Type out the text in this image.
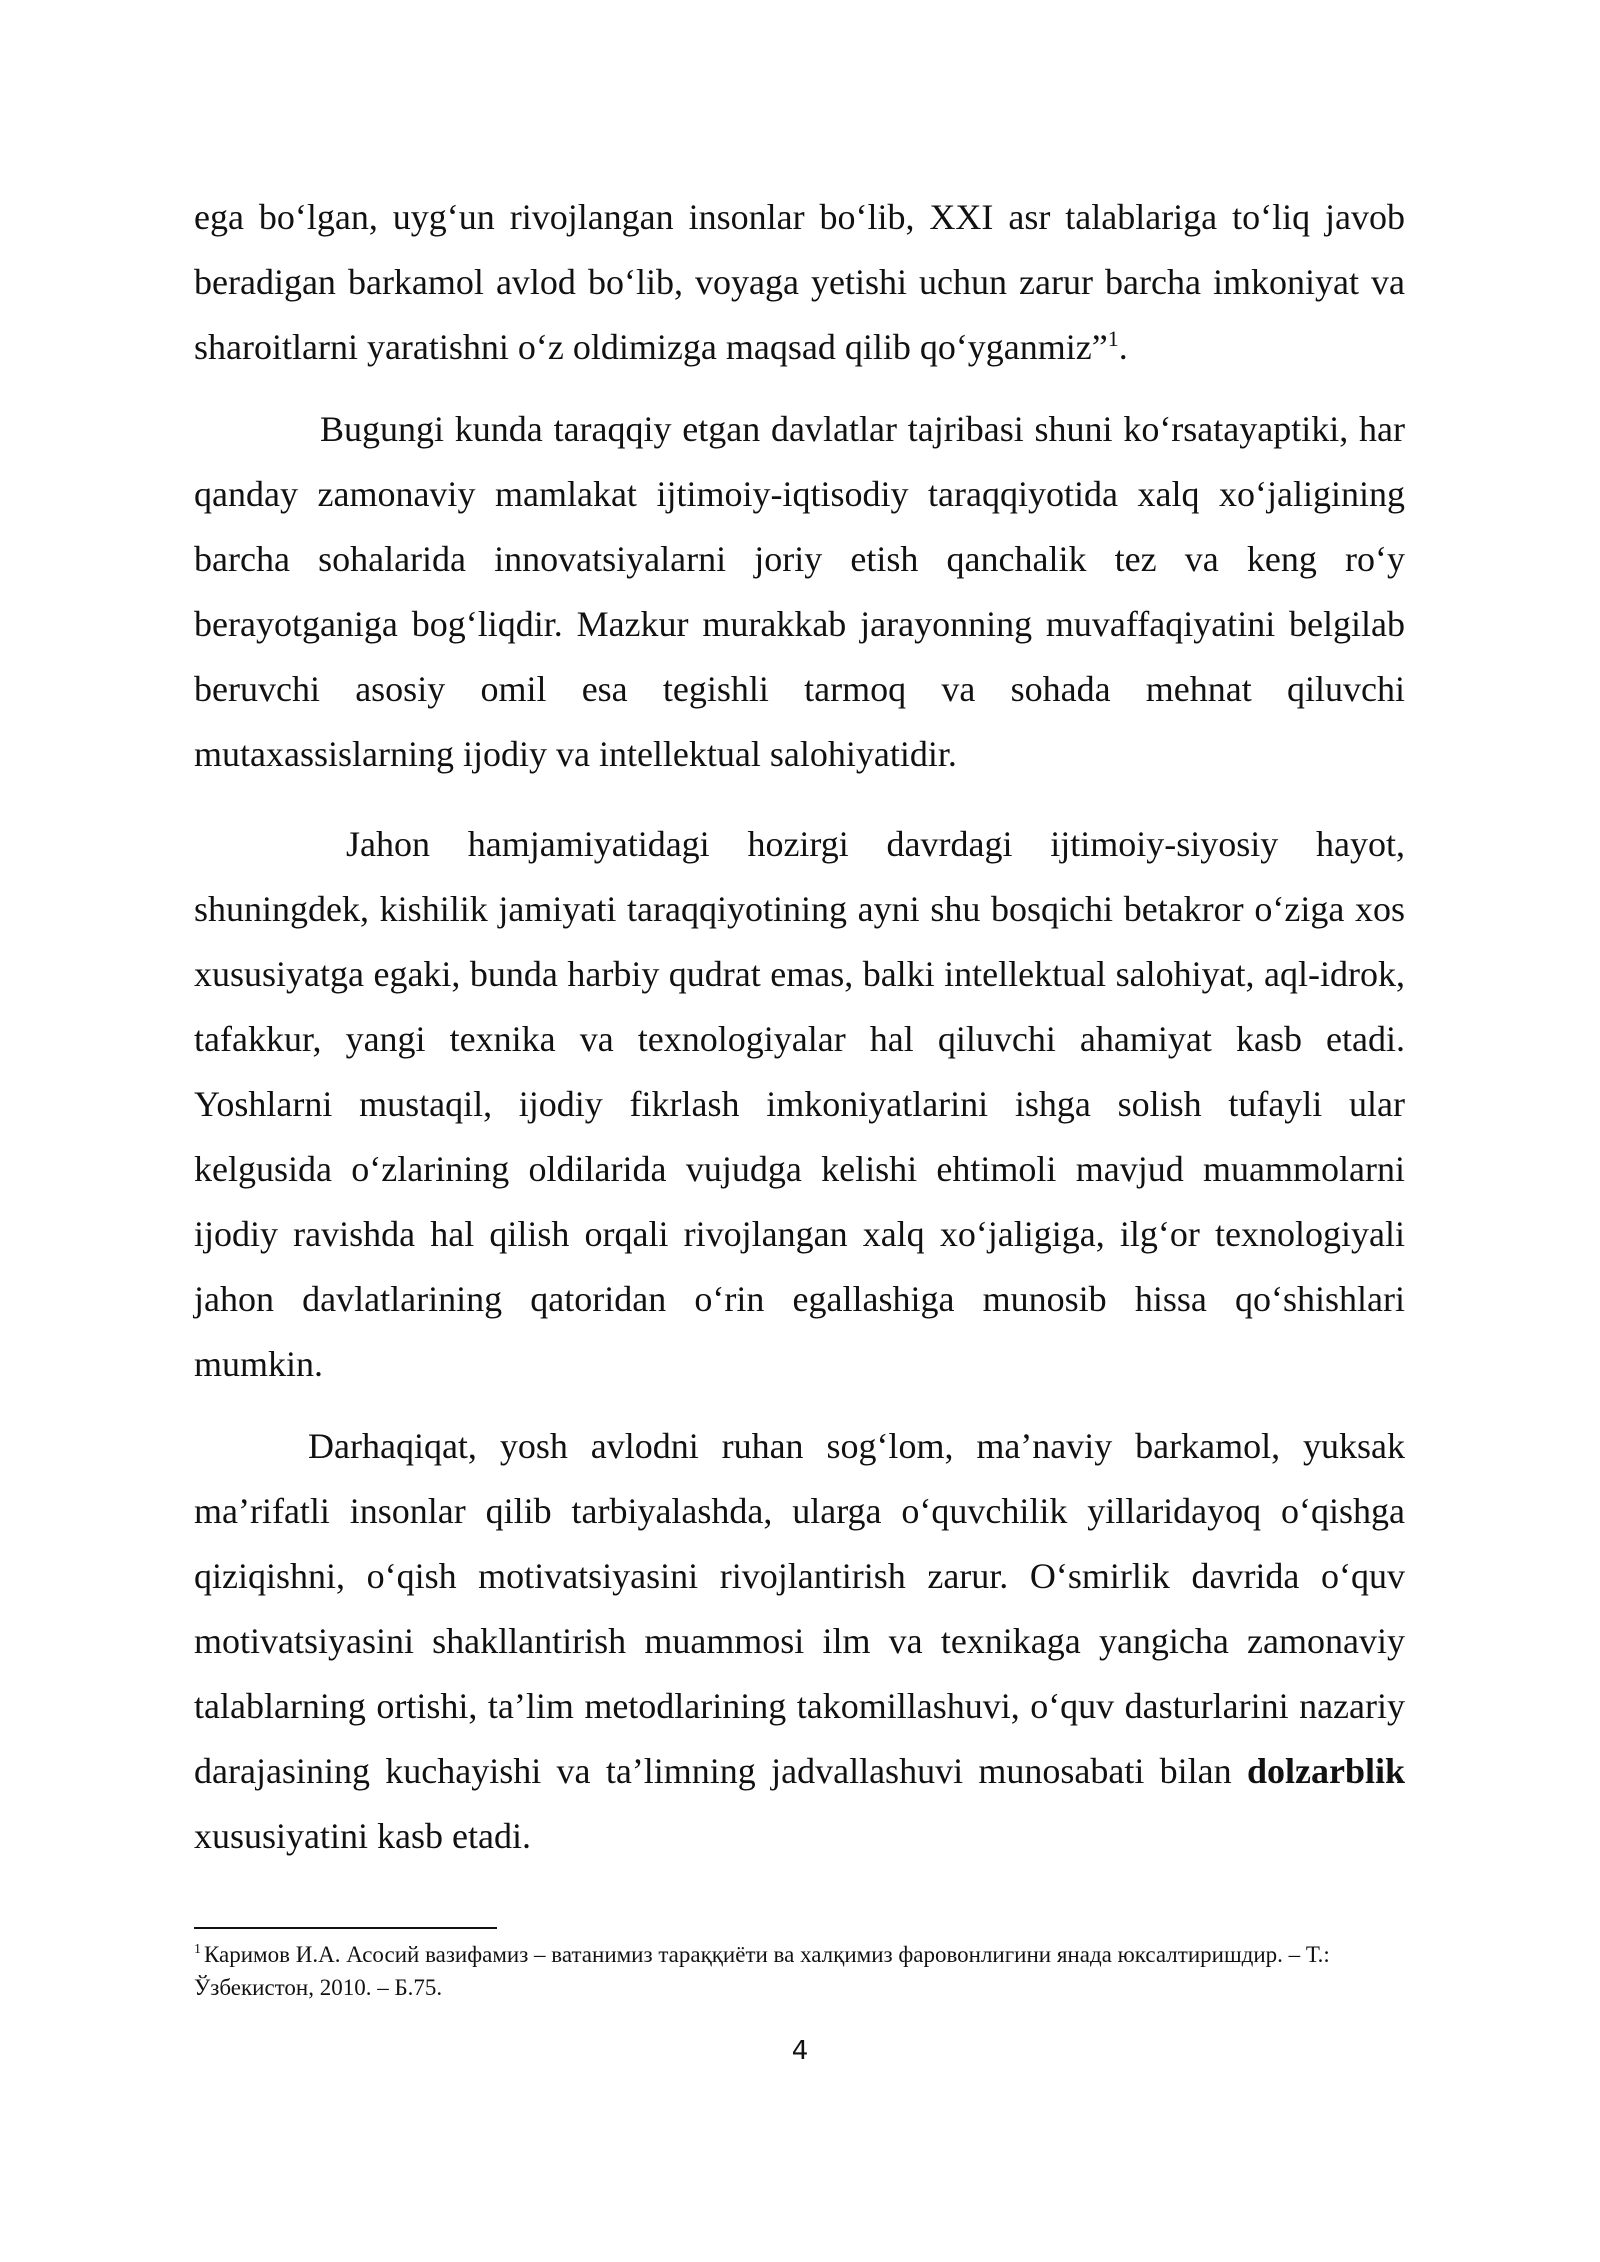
ega bo‘lgan, uyg‘un rivojlangan insonlar bo‘lib, XXI asr talablariga to‘liq javob beradigan barkamol avlod bo‘lib, voyaga yetishi uchun zarur barcha imkoniyat va sharoitlarni yaratishni o‘z oldimizga maqsad qilib qo‘yganmiz”$^1$.

Bugungi kunda taraqqiy etgan davlatlar tajribasi shuni ko‘rsatayaptiki, har qanday zamonaviy mamlakat ijtimoiy-iqtisodiy taraqqiyotida xalq xo‘jaligining barcha sohalarida innovatsiyalarni joriy etish qanchalik tez va keng ro‘y berayotganiga bog‘liqdir. Mazkur murakkab jarayonning muvaffaqiyatini belgilab beruvchi asosiy omil esa tegishli tarmoq va sohada mehnat qiluvchi mutaxassislarning ijodiy va intellektual salohiyatidir.

Jahon hamjamiyatidagi hozirgi davrdagi ijtimoiy-siyosiy hayot, shuningdek, kishilik jamiyati taraqqiyotining ayni shu bosqichi betakror o‘ziga xos xususiyatga egaki, bunda harbiy qudrat emas, balki intellektual salohiyat, aql-idrok, tafakkur, yangi texnika va texnologiyalar hal qiluvchi ahamiyat kasb etadi. Yoshlarni mustaqil, ijodiy fikrlash imkoniyatlarini ishga solish tufayli ular kelgusida o‘zlarining oldilarida vujudga kelishi ehtimoli mavjud muammolarni ijodiy ravishda hal qilish orqali rivojlangan xalq xo‘jaligiga, ilg‘or texnologiyali jahon davlatlarining qatoridan o‘rin egallashiga munosib hissa qo‘shishlari mumkin.

Darhaqiqat, yosh avlodni ruhan sog‘lom, ma’naviy barkamol, yuksak ma’rifatli insonlar qilib tarbiyalashda, ularga o‘quvchilik yillaridayoq o‘qishga qiziqishni, o‘qish motivatsiyasini rivojlantirish zarur. O‘smirlik davrida o‘quv motivatsiyasini shakllantirish muammosi ilm va texnikaga yangicha zamonaviy talablarning ortishi, ta’lim metodlarining takomillashuvi, o‘quv dasturlarini nazariy darajasining kuchayishi va ta’limning jadvallashuvi munosabati bilan dolzarblik xususiyatini kasb etadi.

$^1$ Каримов И.А. Асосий вазифамиз – ватанимиз тараққиёти ва халқимиз фаровонлигини янада юксалтиришдир. – Т.: Ўзбекистон, 2010. – Б.75.
4
